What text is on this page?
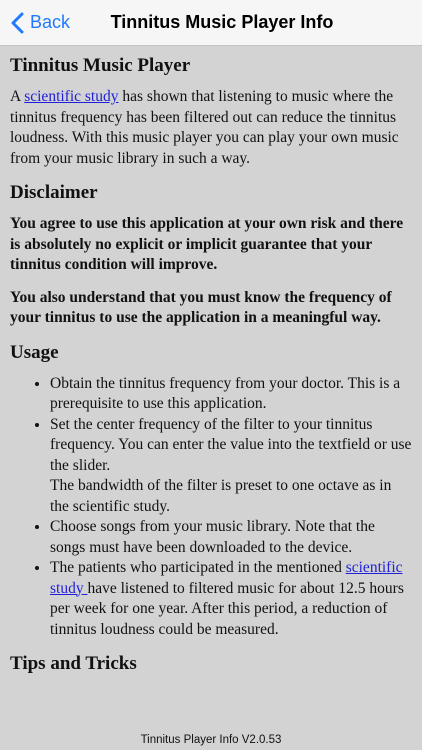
Back	Tinnitus Music Player Info
Tinnitus Music Player

A scientific study has shown that listening to music where the tinnitus frequency has been filtered out can reduce the tinnitus loudness. With this music player you can play your own music from your music library in such a way.

Disclaimer

You agree to use this application at your own risk and there is absolutely no explicit or implicit guarantee that your tinnitus condition will improve.

You also understand that you must know the frequency of your tinnitus to use the application in a meaningful way.

Usage
• Obtain the tinnitus frequency from your doctor. This is a prerequisite to use this application.
• Set the center frequency of the filter to your tinnitus frequency. You can enter the value into the textfield or use the slider.
The bandwidth of the filter is preset to one octave as in the scientific study.
• Choose songs from your music library. Note that the songs must have been downloaded to the device.
• The patients who participated in the mentioned scientific study have listened to filtered music for about 12.5 hours per week for one year. After this period, a reduction of tinnitus loudness could be measured.
Tips and Tricks
Tinnitus Player Info V2.0.53
